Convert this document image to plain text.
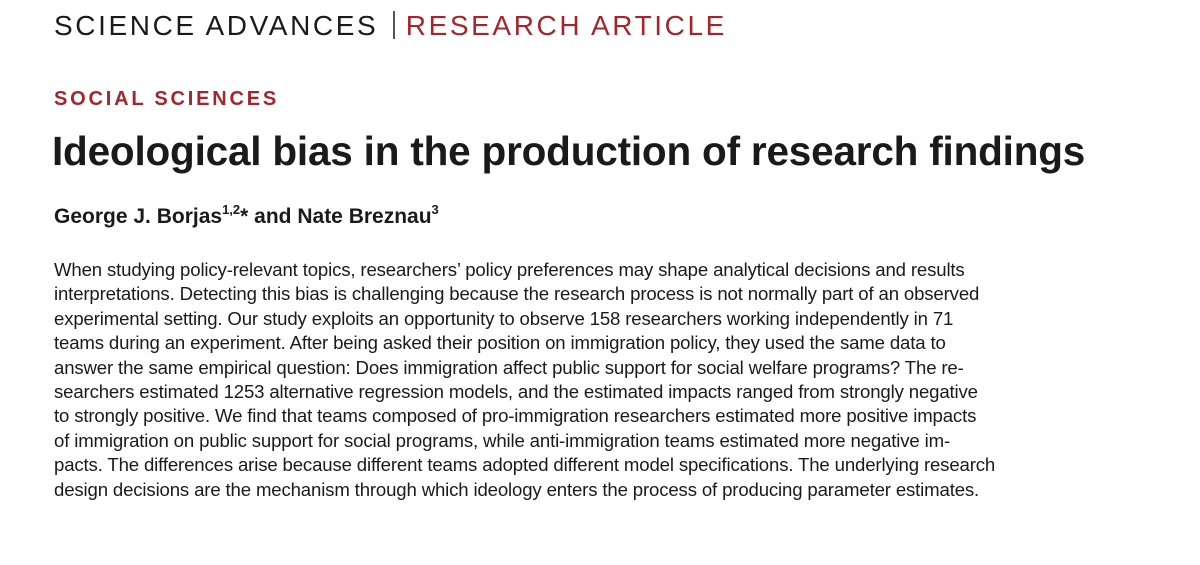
SCIENCE ADVANCES RESEARCH ARTICLE
SOCIAL SCIENCES
Ideological bias in the production of research findings
George J. Borjas$^{1,2}$* and Nate Breznau$^3$

When studying policy-relevant topics, researchers’ policy preferences may shape analytical decisions and results
interpretations. Detecting this bias is challenging because the research process is not normally part of an observed
experimental setting. Our study exploits an opportunity to observe 158 researchers working independently in 71
teams during an experiment. After being asked their position on immigration policy, they used the same data to
answer the same empirical question: Does immigration affect public support for social welfare programs? The re-
searchers estimated 1253 alternative regression models, and the estimated impacts ranged from strongly negative
to strongly positive. We find that teams composed of pro-immigration researchers estimated more positive impacts
of immigration on public support for social programs, while anti-immigration teams estimated more negative im-
pacts. The differences arise because different teams adopted different model specifications. The underlying research
design decisions are the mechanism through which ideology enters the process of producing parameter estimates.
